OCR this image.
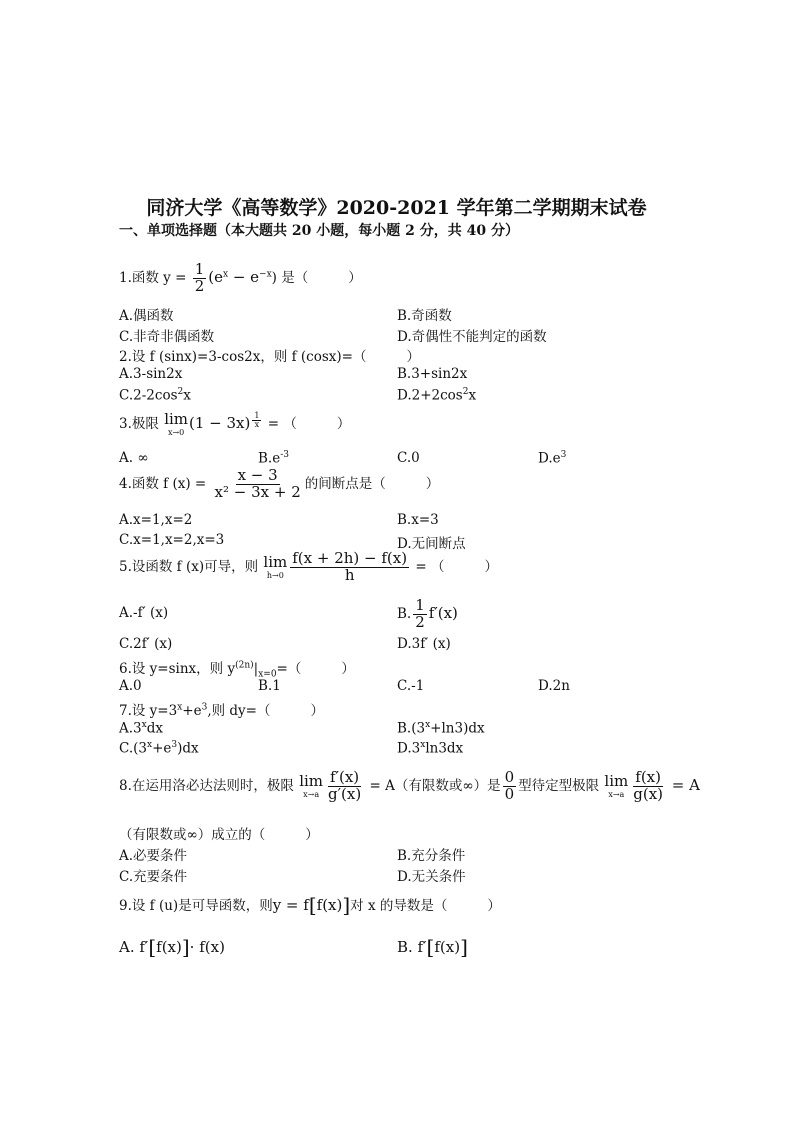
同济大学《高等数学》2020-2021 学年第二学期期末试卷
一、单项选择题（本大题共 20 小题，每小题 2 分，共 40 分）
1.函数 $y = \frac{1}{2} (e^x - e^{-x})$ 是（	）
A.偶函数	B.奇函数
C.非奇非偶函数	D.奇偶性不能判定的函数
2.设 f (sinx)=3-cos2x，则 f (cosx)=（	）
A.3-sin2x	B.3+sin2x
$C.2-2\cos^2x$	$D.2+2\cos^2x$
3.极限 lim
x→0
$(1 - 3x) \frac{1}{x}$ = （	）
A. ∞	$B.e^{-3}$	C.0	$D.e^3$
4.函数 f $(x) = \frac{x - 3}{\text{x² − 3x + 2}}$ 的间断点是（	）
A.x=1,x=2	B.x=3
C.x=1,x=2,x=3	D.无间断点
5.设函数 f (x)可导，则 lim
$h\to 0 \frac{f(x + 2h) - f(x)}{h}$ = （	）
A.-f′ (x)	B. $\frac{1}{2} f'(x)$
C.2f′ (x)	D.3f′ (x)
6.设 y=sinx，则 $y^{(2n)}|_{x=0}=$（	）
A.0	B.1	C.-1	D.2n
7.设 $y=3^x+e^3$,则 dy=（	）
A.3$^x$dx	$B.(3^x+\ln 3)dx$
$C.(3^x+e^3)dx$	D.3$^x$ln3dx
8.在运用洛必达法则时，极限 lim
$x\to a \frac{f'(x)}{g'(x)} = A$（有限数或∞）是 $\frac{0}{0}$ 型待定型极限 lim
$x\to a \frac{f(x)}{g(x)} = A$
（有限数或∞）成立的（	）
A.必要条件	B.充分条件
C.充要条件	D.无关条件
9.设 f (u)是可导函数，则y = f[f(x)]对 x 的导数是（	）
A. f′[f(x)]· f(x)	B. f′[f(x)]
